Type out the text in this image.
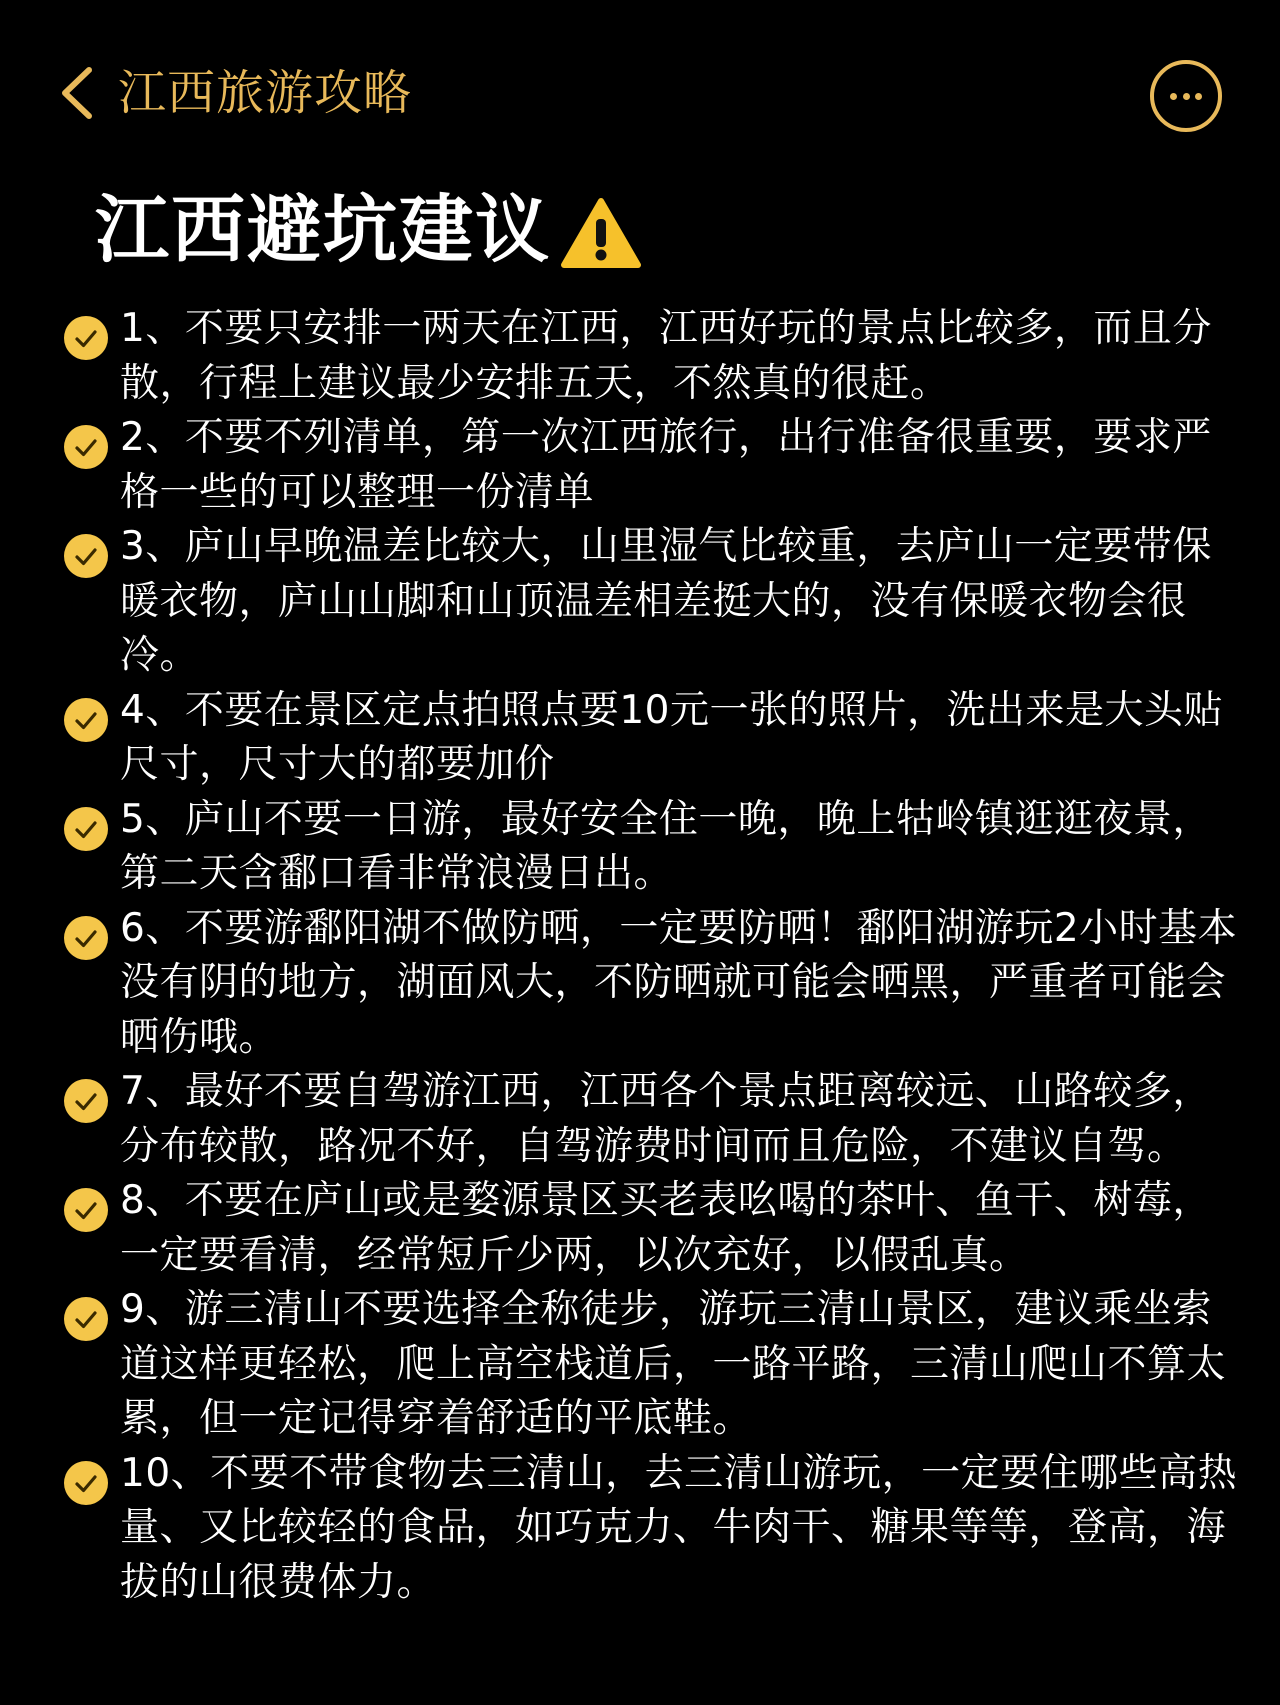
江西旅游攻略
江西避坑建议
1、不要只安排一两天在江西，江西好玩的景点比较多，而且分散，行程上建议最少安排五天，不然真的很赶。
2、不要不列清单，第一次江西旅行，出行准备很重要，要求严格一些的可以整理一份清单
3、庐山早晚温差比较大，山里湿气比较重，去庐山一定要带保暖衣物，庐山山脚和山顶温差相差挺大的，没有保暖衣物会很冷。
4、不要在景区定点拍照点要10元一张的照片，洗出来是大头贴尺寸，尺寸大的都要加价
5、庐山不要一日游，最好安全住一晚，晚上牯岭镇逛逛夜景，第二天含鄱口看非常浪漫日出。
6、不要游鄱阳湖不做防晒，一定要防晒！鄱阳湖游玩2小时基本没有阴的地方，湖面风大，不防晒就可能会晒黑，严重者可能会晒伤哦。
7、最好不要自驾游江西，江西各个景点距离较远、山路较多，分布较散，路况不好，自驾游费时间而且危险，不建议自驾。
8、不要在庐山或是婺源景区买老表吆喝的茶叶、鱼干、树莓，一定要看清，经常短斤少两，以次充好，以假乱真。
9、游三清山不要选择全称徒步，游玩三清山景区，建议乘坐索道这样更轻松，爬上高空栈道后，一路平路，三清山爬山不算太累，但一定记得穿着舒适的平底鞋。
10、不要不带食物去三清山，去三清山游玩，一定要住哪些高热量、又比较轻的食品，如巧克力、牛肉干、糖果等等，登高，海拔的山很费体力。
